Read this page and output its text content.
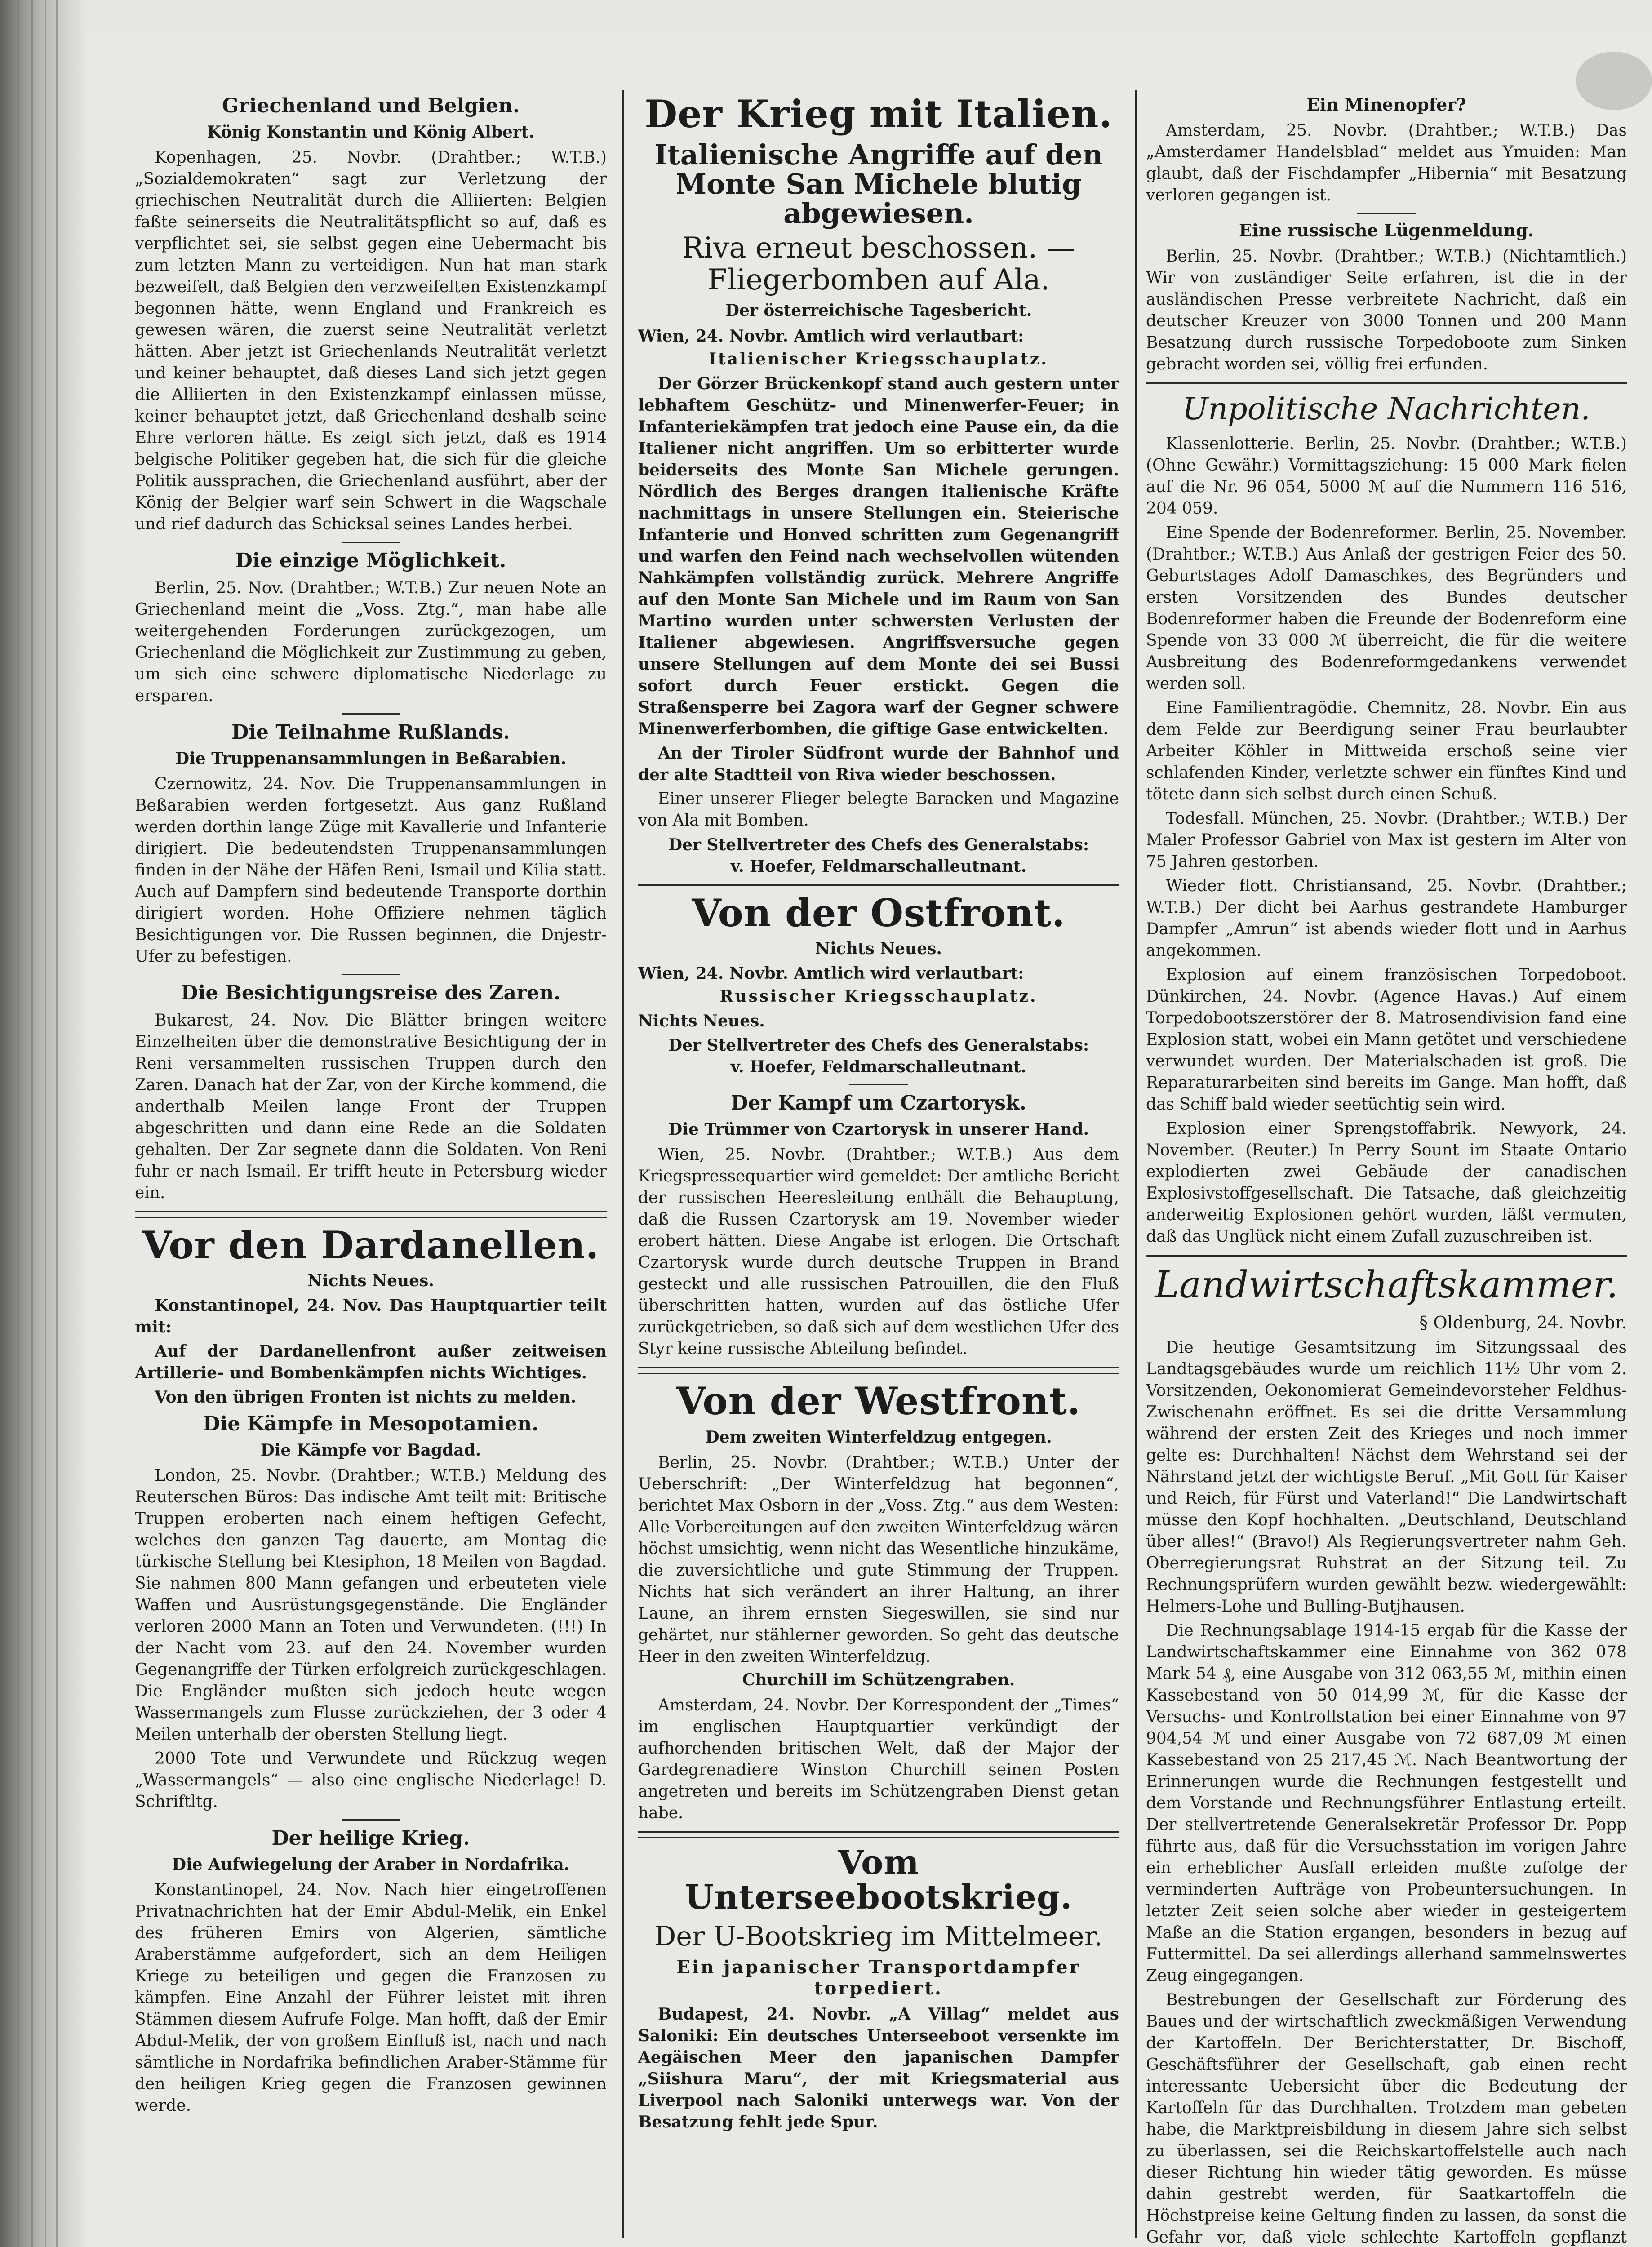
Griechenland und Belgien.
König Konstantin und König Albert.

Kopenhagen, 25. Novbr. (Drahtber.; W.T.B.) „Sozialdemokraten“ sagt zur Verletzung der griechischen Neutralität durch die Alliierten: Belgien faßte seinerseits die Neutralitätspflicht so auf, daß es verpflichtet sei, sie selbst gegen eine Uebermacht bis zum letzten Mann zu verteidigen. Nun hat man stark bezweifelt, daß Belgien den verzweifelten Existenzkampf begonnen hätte, wenn England und Frankreich es gewesen wären, die zuerst seine Neutralität verletzt hätten. Aber jetzt ist Griechenlands Neutralität verletzt und keiner behauptet, daß dieses Land sich jetzt gegen die Alliierten in den Existenzkampf einlassen müsse, keiner behauptet jetzt, daß Griechenland deshalb seine Ehre verloren hätte. Es zeigt sich jetzt, daß es 1914 belgische Politiker gegeben hat, die sich für die gleiche Politik aussprachen, die Griechenland ausführt, aber der König der Belgier warf sein Schwert in die Wagschale und rief dadurch das Schicksal seines Landes herbei.

Die einzige Möglichkeit.

Berlin, 25. Nov. (Drahtber.; W.T.B.) Zur neuen Note an Griechenland meint die „Voss. Ztg.“, man habe alle weitergehenden Forderungen zurückgezogen, um Griechenland die Möglichkeit zur Zustimmung zu geben, um sich eine schwere diplomatische Niederlage zu ersparen.

Die Teilnahme Rußlands.
Die Truppenansammlungen in Beßarabien.

Czernowitz, 24. Nov. Die Truppenansammlungen in Beßarabien werden fortgesetzt. Aus ganz Rußland werden dorthin lange Züge mit Kavallerie und Infanterie dirigiert. Die bedeutendsten Truppenansammlungen finden in der Nähe der Häfen Reni, Ismail und Kilia statt. Auch auf Dampfern sind bedeutende Transporte dorthin dirigiert worden. Hohe Offiziere nehmen täglich Besichtigungen vor. Die Russen beginnen, die Dnjestr-Ufer zu befestigen.

Die Besichtigungsreise des Zaren.

Bukarest, 24. Nov. Die Blätter bringen weitere Einzelheiten über die demonstrative Besichtigung der in Reni versammelten russischen Truppen durch den Zaren. Danach hat der Zar, von der Kirche kommend, die anderthalb Meilen lange Front der Truppen abgeschritten und dann eine Rede an die Soldaten gehalten. Der Zar segnete dann die Soldaten. Von Reni fuhr er nach Ismail. Er trifft heute in Petersburg wieder ein.

Vor den Dardanellen.
Nichts Neues.

Konstantinopel, 24. Nov. Das Hauptquartier teilt mit:

Auf der Dardanellenfront außer zeitweisen Artillerie- und Bombenkämpfen nichts Wichtiges.

Von den übrigen Fronten ist nichts zu melden.

Die Kämpfe in Mesopotamien.
Die Kämpfe vor Bagdad.

London, 25. Novbr. (Drahtber.; W.T.B.) Meldung des Reuterschen Büros: Das indische Amt teilt mit: Britische Truppen eroberten nach einem heftigen Gefecht, welches den ganzen Tag dauerte, am Montag die türkische Stellung bei Ktesiphon, 18 Meilen von Bagdad. Sie nahmen 800 Mann gefangen und erbeuteten viele Waffen und Ausrüstungsgegenstände. Die Engländer verloren 2000 Mann an Toten und Verwundeten. (!!!) In der Nacht vom 23. auf den 24. November wurden Gegenangriffe der Türken erfolgreich zurückgeschlagen. Die Engländer mußten sich jedoch heute wegen Wassermangels zum Flusse zurückziehen, der 3 oder 4 Meilen unterhalb der obersten Stellung liegt.

2000 Tote und Verwundete und Rückzug wegen „Wassermangels“ — also eine englische Niederlage! D. Schriftltg.

Der heilige Krieg.
Die Aufwiegelung der Araber in Nordafrika.

Konstantinopel, 24. Nov. Nach hier eingetroffenen Privatnachrichten hat der Emir Abdul-Melik, ein Enkel des früheren Emirs von Algerien, sämtliche Araberstämme aufgefordert, sich an dem Heiligen Kriege zu beteiligen und gegen die Franzosen zu kämpfen. Eine Anzahl der Führer leistet mit ihren Stämmen diesem Aufrufe Folge. Man hofft, daß der Emir Abdul-Melik, der von großem Einfluß ist, nach und nach sämtliche in Nordafrika befindlichen Araber-Stämme für den heiligen Krieg gegen die Franzosen gewinnen werde.

Der Krieg mit Italien.
Italienische Angriffe auf den Monte San Michele blutig abgewiesen.
Riva erneut beschossen. — Fliegerbomben auf Ala.
Der österreichische Tagesbericht.

Wien, 24. Novbr. Amtlich wird verlautbart:

Italienischer Kriegsschauplatz.

Der Görzer Brückenkopf stand auch gestern unter lebhaftem Geschütz- und Minenwerfer-Feuer; in Infanteriekämpfen trat jedoch eine Pause ein, da die Italiener nicht angriffen. Um so erbitterter wurde beiderseits des Monte San Michele gerungen. Nördlich des Berges drangen italienische Kräfte nachmittags in unsere Stellungen ein. Steierische Infanterie und Honved schritten zum Gegenangriff und warfen den Feind nach wechselvollen wütenden Nahkämpfen vollständig zurück. Mehrere Angriffe auf den Monte San Michele und im Raum von San Martino wurden unter schwersten Verlusten der Italiener abgewiesen. Angriffsversuche gegen unsere Stellungen auf dem Monte dei sei Bussi sofort durch Feuer erstickt. Gegen die Straßensperre bei Zagora warf der Gegner schwere Minenwerferbomben, die giftige Gase entwickelten.

An der Tiroler Südfront wurde der Bahnhof und der alte Stadtteil von Riva wieder beschossen.

Einer unserer Flieger belegte Baracken und Magazine von Ala mit Bomben.

Der Stellvertreter des Chefs des Generalstabs:
v. Hoefer, Feldmarschalleutnant.
Von der Ostfront.
Nichts Neues.

Wien, 24. Novbr. Amtlich wird verlautbart:

Russischer Kriegsschauplatz.

Nichts Neues.

Der Stellvertreter des Chefs des Generalstabs:
v. Hoefer, Feldmarschalleutnant.
Der Kampf um Czartorysk.
Die Trümmer von Czartorysk in unserer Hand.

Wien, 25. Novbr. (Drahtber.; W.T.B.) Aus dem Kriegspressequartier wird gemeldet: Der amtliche Bericht der russischen Heeresleitung enthält die Behauptung, daß die Russen Czartorysk am 19. November wieder erobert hätten. Diese Angabe ist erlogen. Die Ortschaft Czartorysk wurde durch deutsche Truppen in Brand gesteckt und alle russischen Patrouillen, die den Fluß überschritten hatten, wurden auf das östliche Ufer zurückgetrieben, so daß sich auf dem westlichen Ufer des Styr keine russische Abteilung befindet.

Von der Westfront.
Dem zweiten Winterfeldzug entgegen.

Berlin, 25. Novbr. (Drahtber.; W.T.B.) Unter der Ueberschrift: „Der Winterfeldzug hat begonnen“, berichtet Max Osborn in der „Voss. Ztg.“ aus dem Westen: Alle Vorbereitungen auf den zweiten Winterfeldzug wären höchst umsichtig, wenn nicht das Wesentliche hinzukäme, die zuversichtliche und gute Stimmung der Truppen. Nichts hat sich verändert an ihrer Haltung, an ihrer Laune, an ihrem ernsten Siegeswillen, sie sind nur gehärtet, nur stählerner geworden. So geht das deutsche Heer in den zweiten Winterfeldzug.

Churchill im Schützengraben.

Amsterdam, 24. Novbr. Der Korrespondent der „Times“ im englischen Hauptquartier verkündigt der aufhorchenden britischen Welt, daß der Major der Gardegrenadiere Winston Churchill seinen Posten angetreten und bereits im Schützengraben Dienst getan habe.

Vom Unterseebootskrieg.
Der U-Bootskrieg im Mittelmeer.
Ein japanischer Transportdampfer torpediert.

Budapest, 24. Novbr. „A Villag“ meldet aus Saloniki: Ein deutsches Unterseeboot versenkte im Aegäischen Meer den japanischen Dampfer „Siishura Maru“, der mit Kriegsmaterial aus Liverpool nach Saloniki unterwegs war. Von der Besatzung fehlt jede Spur.

Ein Minenopfer?

Amsterdam, 25. Novbr. (Drahtber.; W.T.B.) Das „Amsterdamer Handelsblad“ meldet aus Ymuiden: Man glaubt, daß der Fischdampfer „Hibernia“ mit Besatzung verloren gegangen ist.

Eine russische Lügenmeldung.

Berlin, 25. Novbr. (Drahtber.; W.T.B.) (Nichtamtlich.) Wir von zuständiger Seite erfahren, ist die in der ausländischen Presse verbreitete Nachricht, daß ein deutscher Kreuzer von 3000 Tonnen und 200 Mann Besatzung durch russische Torpedoboote zum Sinken gebracht worden sei, völlig frei erfunden.

Unpolitische Nachrichten.

Klassenlotterie. Berlin, 25. Novbr. (Drahtber.; W.T.B.) (Ohne Gewähr.) Vormittagsziehung: 15 000 Mark fielen auf die Nr. 96 054, 5000 ℳ auf die Nummern 116 516, 204 059.

Eine Spende der Bodenreformer. Berlin, 25. November. (Drahtber.; W.T.B.) Aus Anlaß der gestrigen Feier des 50. Geburtstages Adolf Damaschkes, des Begründers und ersten Vorsitzenden des Bundes deutscher Bodenreformer haben die Freunde der Bodenreform eine Spende von 33 000 ℳ überreicht, die für die weitere Ausbreitung des Bodenreformgedankens verwendet werden soll.

Eine Familientragödie. Chemnitz, 28. Novbr. Ein aus dem Felde zur Beerdigung seiner Frau beurlaubter Arbeiter Köhler in Mittweida erschoß seine vier schlafenden Kinder, verletzte schwer ein fünftes Kind und tötete dann sich selbst durch einen Schuß.

Todesfall. München, 25. Novbr. (Drahtber.; W.T.B.) Der Maler Professor Gabriel von Max ist gestern im Alter von 75 Jahren gestorben.

Wieder flott. Christiansand, 25. Novbr. (Drahtber.; W.T.B.) Der dicht bei Aarhus gestrandete Hamburger Dampfer „Amrun“ ist abends wieder flott und in Aarhus angekommen.

Explosion auf einem französischen Torpedoboot. Dünkirchen, 24. Novbr. (Agence Havas.) Auf einem Torpedobootszerstörer der 8. Matrosendivision fand eine Explosion statt, wobei ein Mann getötet und verschiedene verwundet wurden. Der Materialschaden ist groß. Die Reparaturarbeiten sind bereits im Gange. Man hofft, daß das Schiff bald wieder seetüchtig sein wird.

Explosion einer Sprengstoffabrik. Newyork, 24. November. (Reuter.) In Perry Sount im Staate Ontario explodierten zwei Gebäude der canadischen Explosivstoffgesellschaft. Die Tatsache, daß gleichzeitig anderweitig Explosionen gehört wurden, läßt vermuten, daß das Unglück nicht einem Zufall zuzuschreiben ist.

Landwirtschaftskammer.
§ Oldenburg, 24. Novbr.

Die heutige Gesamtsitzung im Sitzungssaal des Landtagsgebäudes wurde um reichlich 11½ Uhr vom 2. Vorsitzenden, Oekonomierat Gemeindevorsteher Feldhus-Zwischenahn eröffnet. Es sei die dritte Versammlung während der ersten Zeit des Krieges und noch immer gelte es: Durchhalten! Nächst dem Wehrstand sei der Nährstand jetzt der wichtigste Beruf. „Mit Gott für Kaiser und Reich, für Fürst und Vaterland!“ Die Landwirtschaft müsse den Kopf hochhalten. „Deutschland, Deutschland über alles!“ (Bravo!) Als Regierungsvertreter nahm Geh. Oberregierungsrat Ruhstrat an der Sitzung teil. Zu Rechnungsprüfern wurden gewählt bezw. wiedergewählt: Helmers-Lohe und Bulling-Butjhausen.

Die Rechnungsablage 1914-15 ergab für die Kasse der Landwirtschaftskammer eine Einnahme von 362 078 Mark 54 ₰, eine Ausgabe von 312 063,55 ℳ, mithin einen Kassebestand von 50 014,99 ℳ, für die Kasse der Versuchs- und Kontrollstation bei einer Einnahme von 97 904,54 ℳ und einer Ausgabe von 72 687,09 ℳ einen Kassebestand von 25 217,45 ℳ. Nach Beantwortung der Erinnerungen wurde die Rechnungen festgestellt und dem Vorstande und Rechnungsführer Entlastung erteilt. Der stellvertretende Generalsekretär Professor Dr. Popp führte aus, daß für die Versuchsstation im vorigen Jahre ein erheblicher Ausfall erleiden mußte zufolge der verminderten Aufträge von Probeuntersuchungen. In letzter Zeit seien solche aber wieder in gesteigertem Maße an die Station ergangen, besonders in bezug auf Futtermittel. Da sei allerdings allerhand sammelnswertes Zeug eingegangen.

Bestrebungen der Gesellschaft zur Förderung des Baues und der wirtschaftlich zweckmäßigen Verwendung der Kartoffeln. Der Berichterstatter, Dr. Bischoff, Geschäftsführer der Gesellschaft, gab einen recht interessante Uebersicht über die Bedeutung der Kartoffeln für das Durchhalten. Trotzdem man gebeten habe, die Marktpreisbildung in diesem Jahre sich selbst zu überlassen, sei die Reichskartoffelstelle auch nach dieser Richtung hin wieder tätig geworden. Es müsse dahin gestrebt werden, für Saatkartoffeln die Höchstpreise keine Geltung finden zu lassen, da sonst die Gefahr vor, daß viele schlechte Kartoffeln gepflanzt
